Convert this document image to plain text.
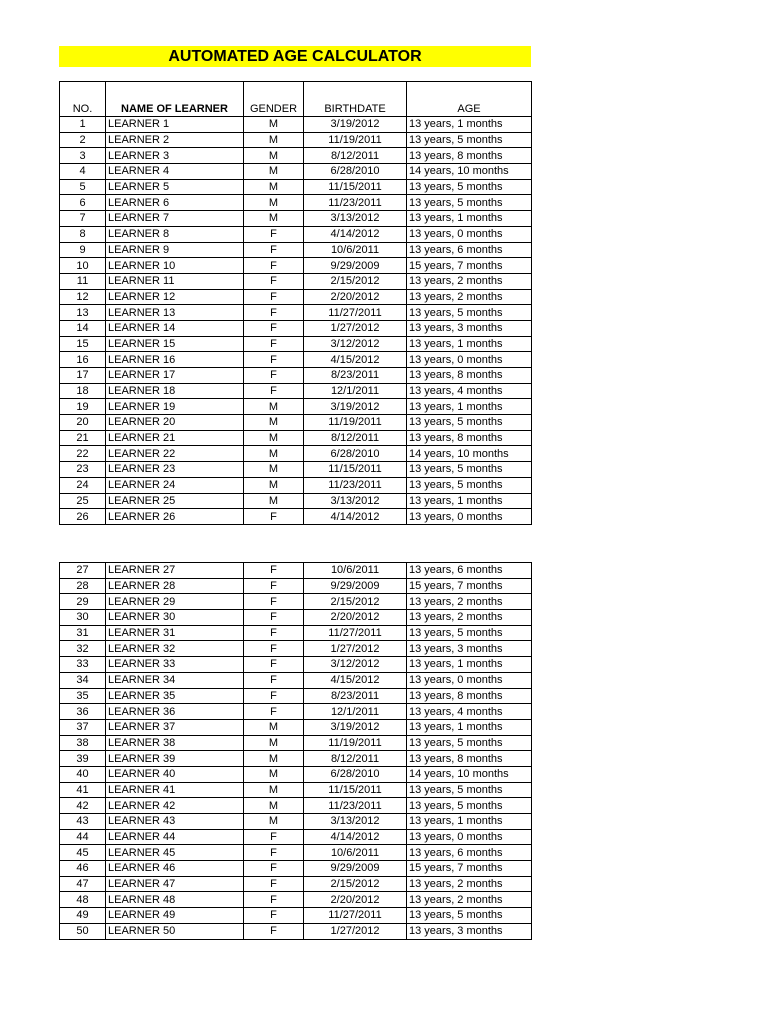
AUTOMATED AGE CALCULATOR
NO.	NAME OF LEARNER	GENDER	BIRTHDATE	AGE
1	LEARNER 1	M	3/19/2012	13 years, 1 months
2	LEARNER 2	M	11/19/2011	13 years, 5 months
3	LEARNER 3	M	8/12/2011	13 years, 8 months
4	LEARNER 4	M	6/28/2010	14 years, 10 months
5	LEARNER 5	M	11/15/2011	13 years, 5 months
6	LEARNER 6	M	11/23/2011	13 years, 5 months
7	LEARNER 7	M	3/13/2012	13 years, 1 months
8	LEARNER 8	F	4/14/2012	13 years, 0 months
9	LEARNER 9	F	10/6/2011	13 years, 6 months
10	LEARNER 10	F	9/29/2009	15 years, 7 months
11	LEARNER 11	F	2/15/2012	13 years, 2 months
12	LEARNER 12	F	2/20/2012	13 years, 2 months
13	LEARNER 13	F	11/27/2011	13 years, 5 months
14	LEARNER 14	F	1/27/2012	13 years, 3 months
15	LEARNER 15	F	3/12/2012	13 years, 1 months
16	LEARNER 16	F	4/15/2012	13 years, 0 months
17	LEARNER 17	F	8/23/2011	13 years, 8 months
18	LEARNER 18	F	12/1/2011	13 years, 4 months
19	LEARNER 19	M	3/19/2012	13 years, 1 months
20	LEARNER 20	M	11/19/2011	13 years, 5 months
21	LEARNER 21	M	8/12/2011	13 years, 8 months
22	LEARNER 22	M	6/28/2010	14 years, 10 months
23	LEARNER 23	M	11/15/2011	13 years, 5 months
24	LEARNER 24	M	11/23/2011	13 years, 5 months
25	LEARNER 25	M	3/13/2012	13 years, 1 months
26	LEARNER 26	F	4/14/2012	13 years, 0 months
27	LEARNER 27	F	10/6/2011	13 years, 6 months
28	LEARNER 28	F	9/29/2009	15 years, 7 months
29	LEARNER 29	F	2/15/2012	13 years, 2 months
30	LEARNER 30	F	2/20/2012	13 years, 2 months
31	LEARNER 31	F	11/27/2011	13 years, 5 months
32	LEARNER 32	F	1/27/2012	13 years, 3 months
33	LEARNER 33	F	3/12/2012	13 years, 1 months
34	LEARNER 34	F	4/15/2012	13 years, 0 months
35	LEARNER 35	F	8/23/2011	13 years, 8 months
36	LEARNER 36	F	12/1/2011	13 years, 4 months
37	LEARNER 37	M	3/19/2012	13 years, 1 months
38	LEARNER 38	M	11/19/2011	13 years, 5 months
39	LEARNER 39	M	8/12/2011	13 years, 8 months
40	LEARNER 40	M	6/28/2010	14 years, 10 months
41	LEARNER 41	M	11/15/2011	13 years, 5 months
42	LEARNER 42	M	11/23/2011	13 years, 5 months
43	LEARNER 43	M	3/13/2012	13 years, 1 months
44	LEARNER 44	F	4/14/2012	13 years, 0 months
45	LEARNER 45	F	10/6/2011	13 years, 6 months
46	LEARNER 46	F	9/29/2009	15 years, 7 months
47	LEARNER 47	F	2/15/2012	13 years, 2 months
48	LEARNER 48	F	2/20/2012	13 years, 2 months
49	LEARNER 49	F	11/27/2011	13 years, 5 months
50	LEARNER 50	F	1/27/2012	13 years, 3 months
